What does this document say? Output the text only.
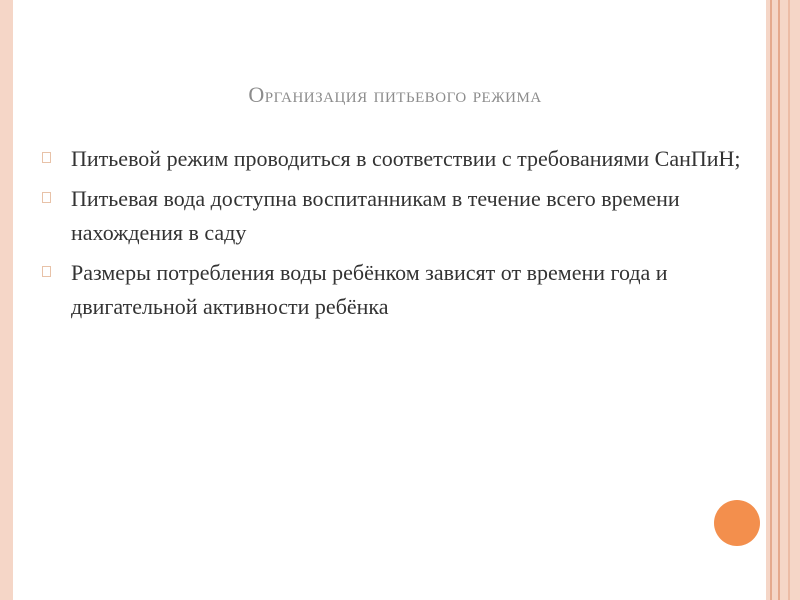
Организация питьевого режима
Питьевой режим проводиться в соответствии с требованиями СанПиН;
Питьевая вода доступна воспитанникам в течение всего времени нахождения в саду
Размеры потребления воды ребёнком зависят от времени года и двигательной активности ребёнка
